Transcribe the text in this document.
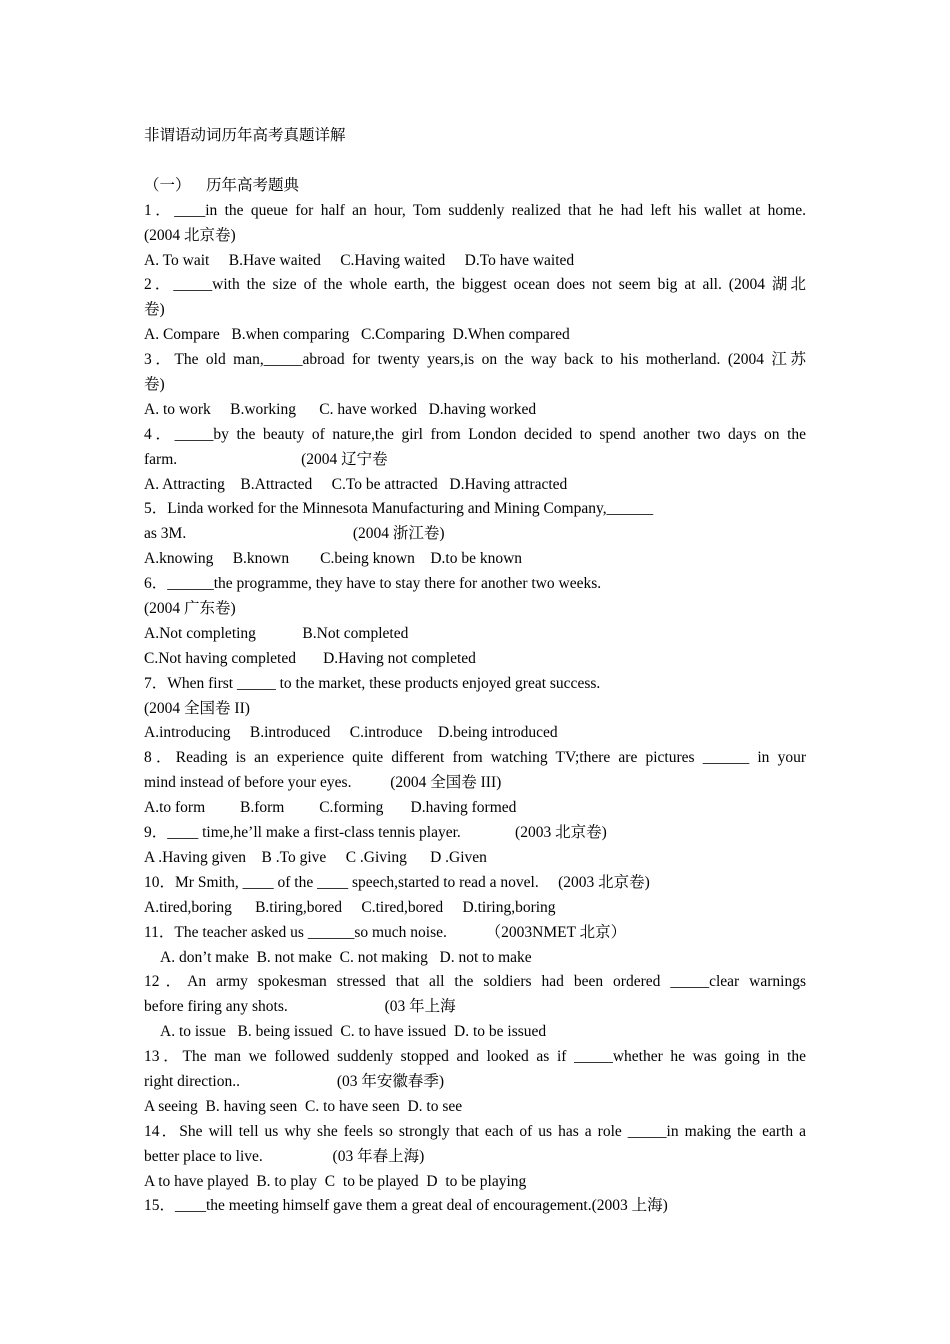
非谓语动词历年高考真题详解
（一）    历年高考题典
1．____in the queue for half an hour, Tom suddenly realized that he had left his wallet at home.
(2004 北京卷)
A. To wait     B.Have waited     C.Having waited     D.To have waited
2．_____with the size of the whole earth, the biggest ocean does not seem big at all. (2004 湖北
卷)
A. Compare   B.when comparing   C.Comparing  D.When compared
3．The old man,_____abroad for twenty years,is on the way back to his motherland. (2004 江苏
卷)
A. to work     B.working      C. have worked   D.having worked
4．_____by the beauty of nature,the girl from London decided to spend another two days on the
farm.                                (2004 辽宁卷
A. Attracting    B.Attracted     C.To be attracted   D.Having attracted
5．Linda worked for the Minnesota Manufacturing and Mining Company,______
as 3M.                                           (2004 浙江卷)
A.knowing     B.known        C.being known    D.to be known
6．______the programme, they have to stay there for another two weeks.
(2004 广东卷)
A.Not completing            B.Not completed
C.Not having completed       D.Having not completed
7．When first _____ to the market, these products enjoyed great success.
(2004 全国卷 II)
A.introducing     B.introduced     C.introduce    D.being introduced
8．Reading is an experience quite different from watching TV;there are pictures ______ in your
mind instead of before your eyes.          (2004 全国卷 III)
A.to form         B.form         C.forming       D.having formed
9．____ time,he’ll make a first-class tennis player.              (2003 北京卷)
A .Having given    B .To give     C .Giving      D .Given
10．Mr Smith, ____ of the ____ speech,started to read a novel.     (2003 北京卷)
A.tired,boring      B.tiring,bored     C.tired,bored     D.tiring,boring
11．The teacher asked us ______so much noise.          （2003NMET 北京）
A. don’t make  B. not make  C. not making   D. not to make
12．An army spokesman stressed that all the soldiers had been ordered _____clear warnings
before firing any shots.                         (03 年上海
A. to issue   B. being issued  C. to have issued  D. to be issued
13．The man we followed suddenly stopped and looked as if _____whether he was going in the
right direction..                         (03 年安徽春季)
A seeing  B. having seen  C. to have seen  D. to see
14．She will tell us why she feels so strongly that each of us has a role _____in making the earth a
better place to live.                  (03 年春上海)
A to have played  B. to play  C  to be played  D  to be playing
15．____the meeting himself gave them a great deal of encouragement.(2003 上海)
